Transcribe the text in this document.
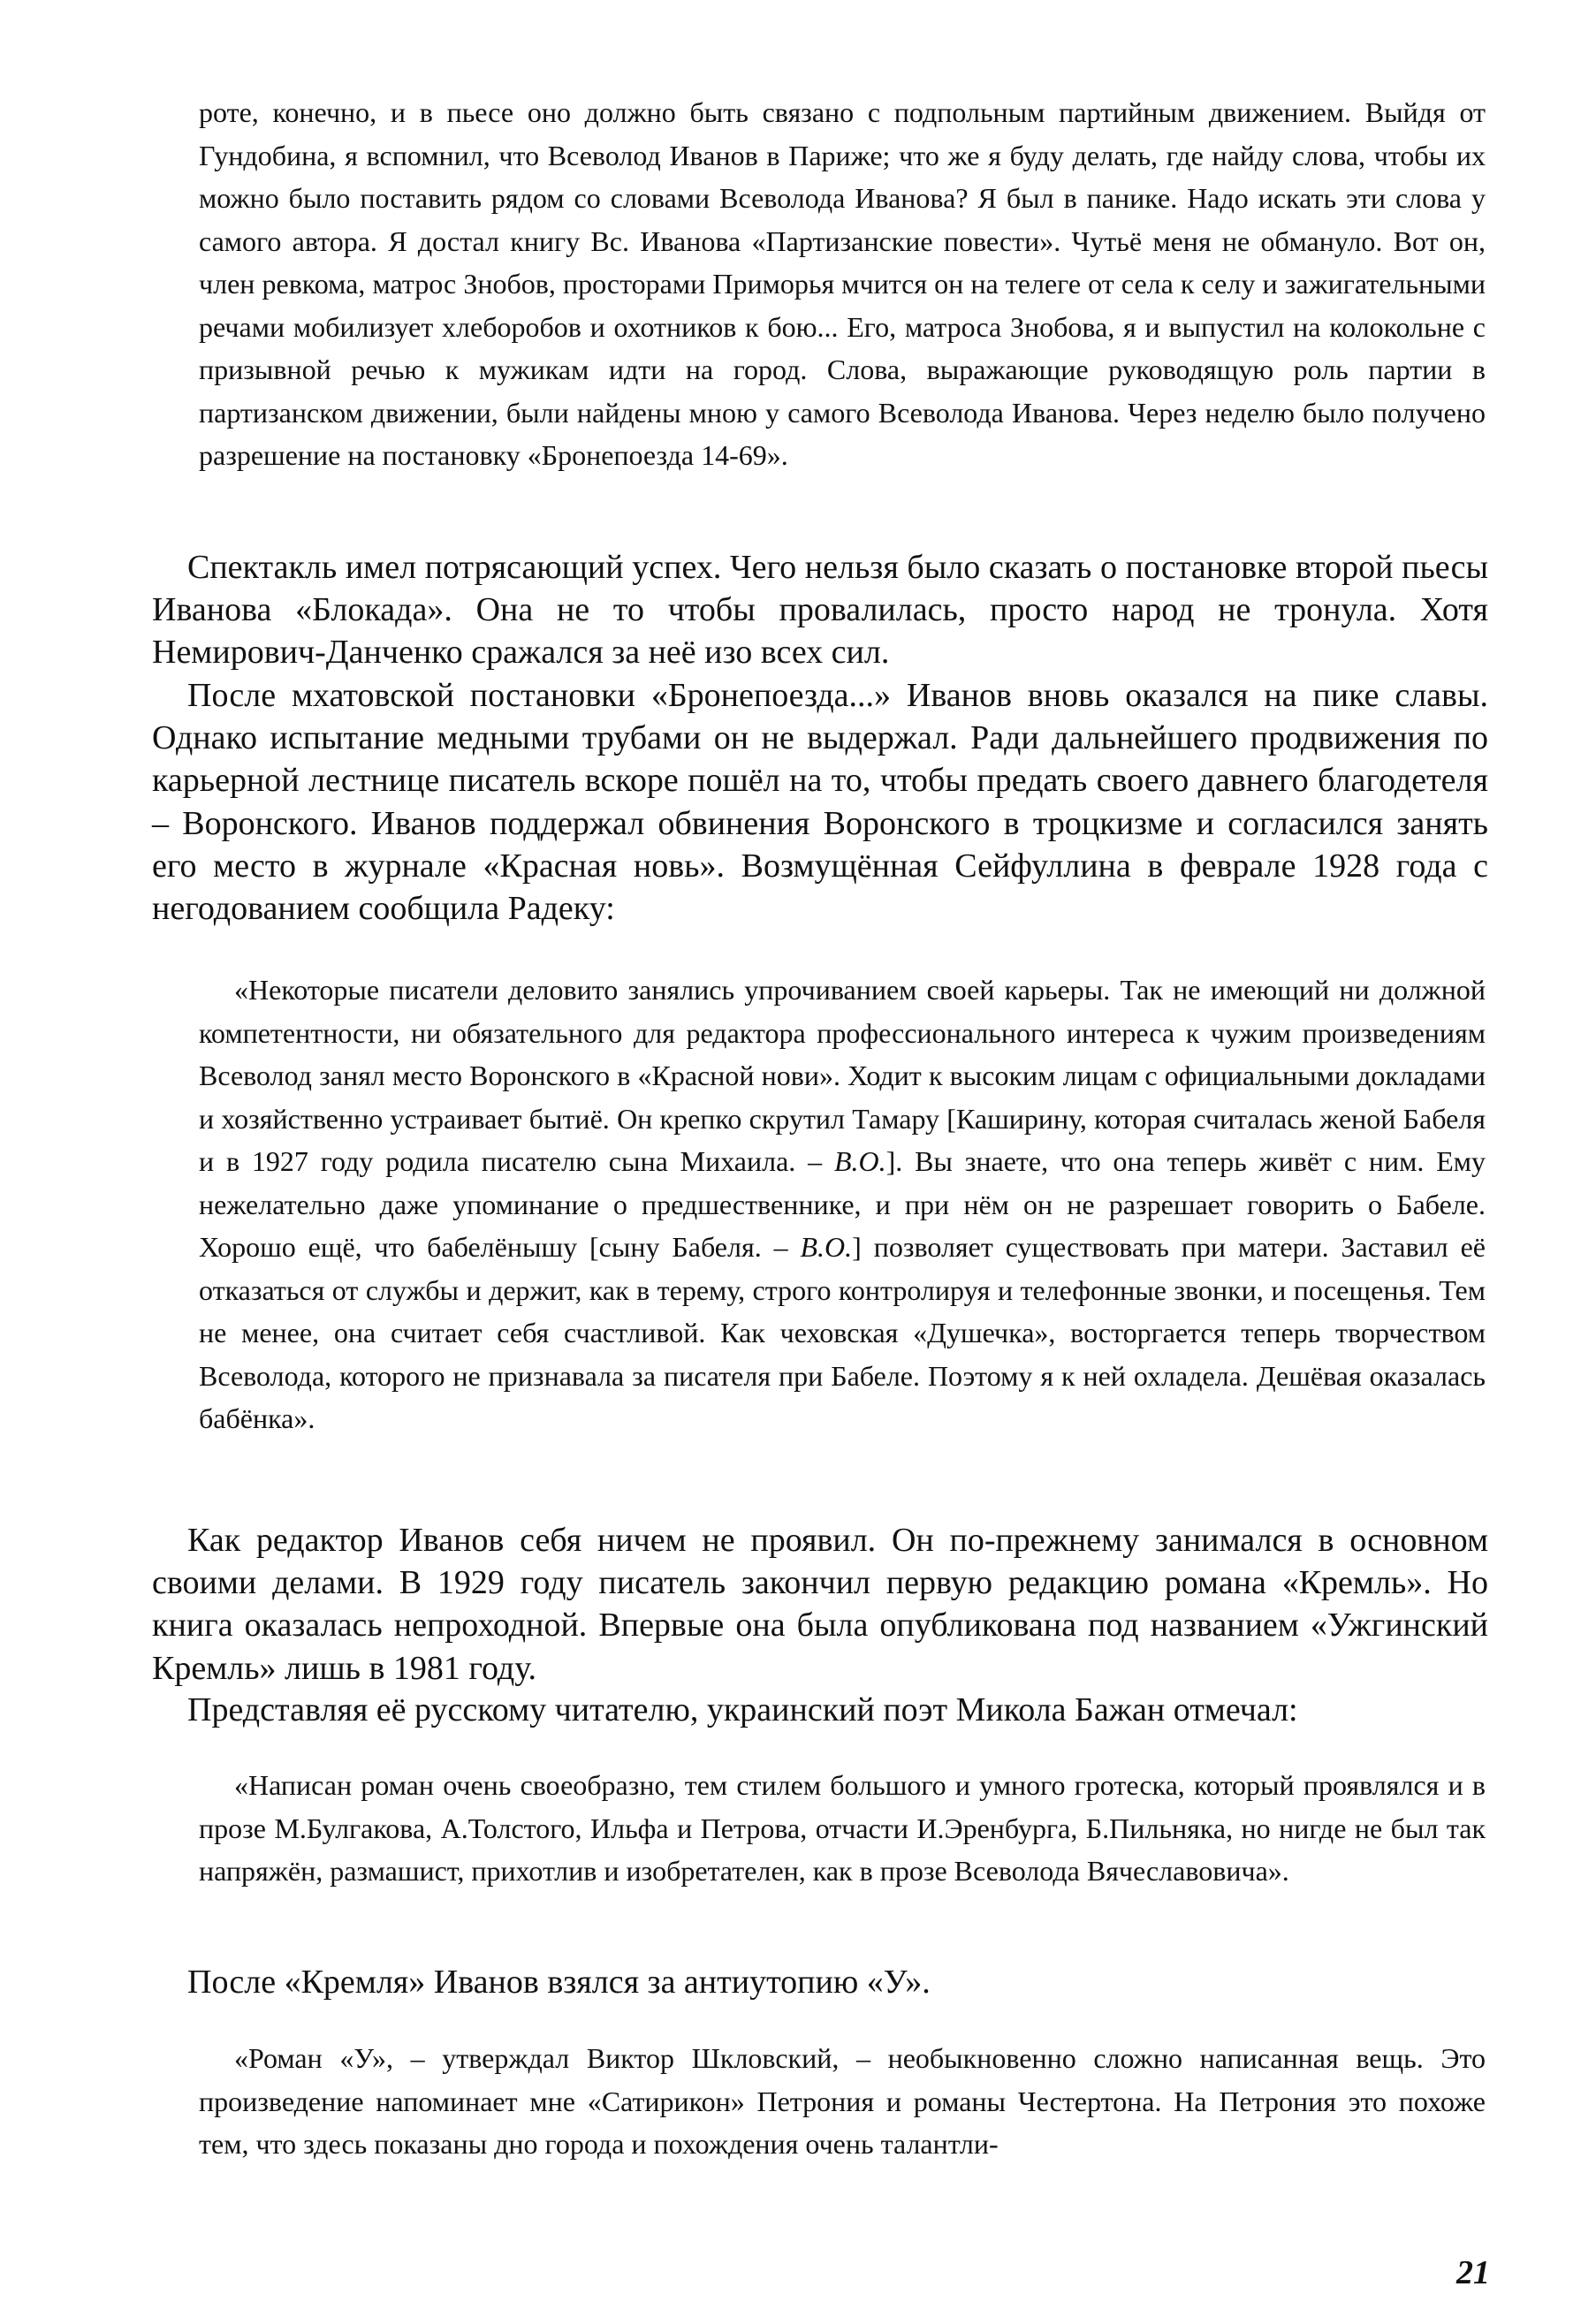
роте, конечно, и в пьесе оно должно быть связано с подпольным партийным движением. Выйдя от Гундобина, я вспомнил, что Всеволод Иванов в Париже; что же я буду делать, где найду слова, чтобы их можно было поставить рядом со словами Всеволода Иванова? Я был в панике. Надо искать эти слова у самого автора. Я достал книгу Вс. Иванова «Партизанские повести». Чутьё меня не обмануло. Вот он, член ревкома, матрос Знобов, просторами Приморья мчится он на телеге от села к селу и зажигательными речами мобилизует хлеборобов и охотников к бою... Его, матроса Знобова, я и выпустил на колокольне с призывной речью к мужикам идти на город. Слова, выражающие руководящую роль партии в партизанском движении, были найдены мною у самого Всеволода Иванова. Через неделю было получено разрешение на постановку «Бронепоезда 14-69».

Спектакль имел потрясающий успех. Чего нельзя было сказать о постановке второй пьесы Иванова «Блокада». Она не то чтобы провалилась, просто народ не тронула. Хотя Немирович-Данченко сражался за неё изо всех сил.

После мхатовской постановки «Бронепоезда...» Иванов вновь оказался на пике славы. Однако испытание медными трубами он не выдержал. Ради дальнейшего продвижения по карьерной лестнице писатель вскоре пошёл на то, чтобы предать своего давнего благодетеля – Воронского. Иванов поддержал обвинения Воронского в троцкизме и согласился занять его место в журнале «Красная новь». Возмущённая Сейфуллина в феврале 1928 года с негодованием сообщила Радеку:

«Некоторые писатели деловито занялись упрочиванием своей карьеры. Так не имеющий ни должной компетентности, ни обязательного для редактора профессионального интереса к чужим произведениям Всеволод занял место Воронского в «Красной нови». Ходит к высоким лицам с официальными докладами и хозяйственно устраивает бытиё. Он крепко скрутил Тамару [Каширину, которая считалась женой Бабеля и в 1927 году родила писателю сына Михаила. – В.О.]. Вы знаете, что она теперь живёт с ним. Ему нежелательно даже упоминание о предшественнике, и при нём он не разрешает говорить о Бабеле. Хорошо ещё, что бабелёнышу [сыну Бабеля. – В.О.] позволяет существовать при матери. Заставил её отказаться от службы и держит, как в терему, строго контролируя и телефонные звонки, и посещенья. Тем не менее, она считает себя счастливой. Как чеховская «Душечка», восторгается теперь творчеством Всеволода, которого не признавала за писателя при Бабеле. Поэтому я к ней охладела. Дешёвая оказалась бабёнка».

Как редактор Иванов себя ничем не проявил. Он по-прежнему занимался в основном своими делами. В 1929 году писатель закончил первую редакцию романа «Кремль». Но книга оказалась непроходной. Впервые она была опубликована под названием «Ужгинский Кремль» лишь в 1981 году.

Представляя её русскому читателю, украинский поэт Микола Бажан отмечал:

«Написан роман очень своеобразно, тем стилем большого и умного гротеска, который проявлялся и в прозе М.Булгакова, А.Толстого, Ильфа и Петрова, отчасти И.Эренбурга, Б.Пильняка, но нигде не был так напряжён, размашист, прихотлив и изобретателен, как в прозе Всеволода Вячеславовича».

После «Кремля» Иванов взялся за антиутопию «У».

«Роман «У», – утверждал Виктор Шкловский, – необыкновенно сложно написанная вещь. Это произведение напоминает мне «Сатирикон» Петрония и романы Честертона. На Петрония это похоже тем, что здесь показаны дно города и похождения очень талантли-

21
